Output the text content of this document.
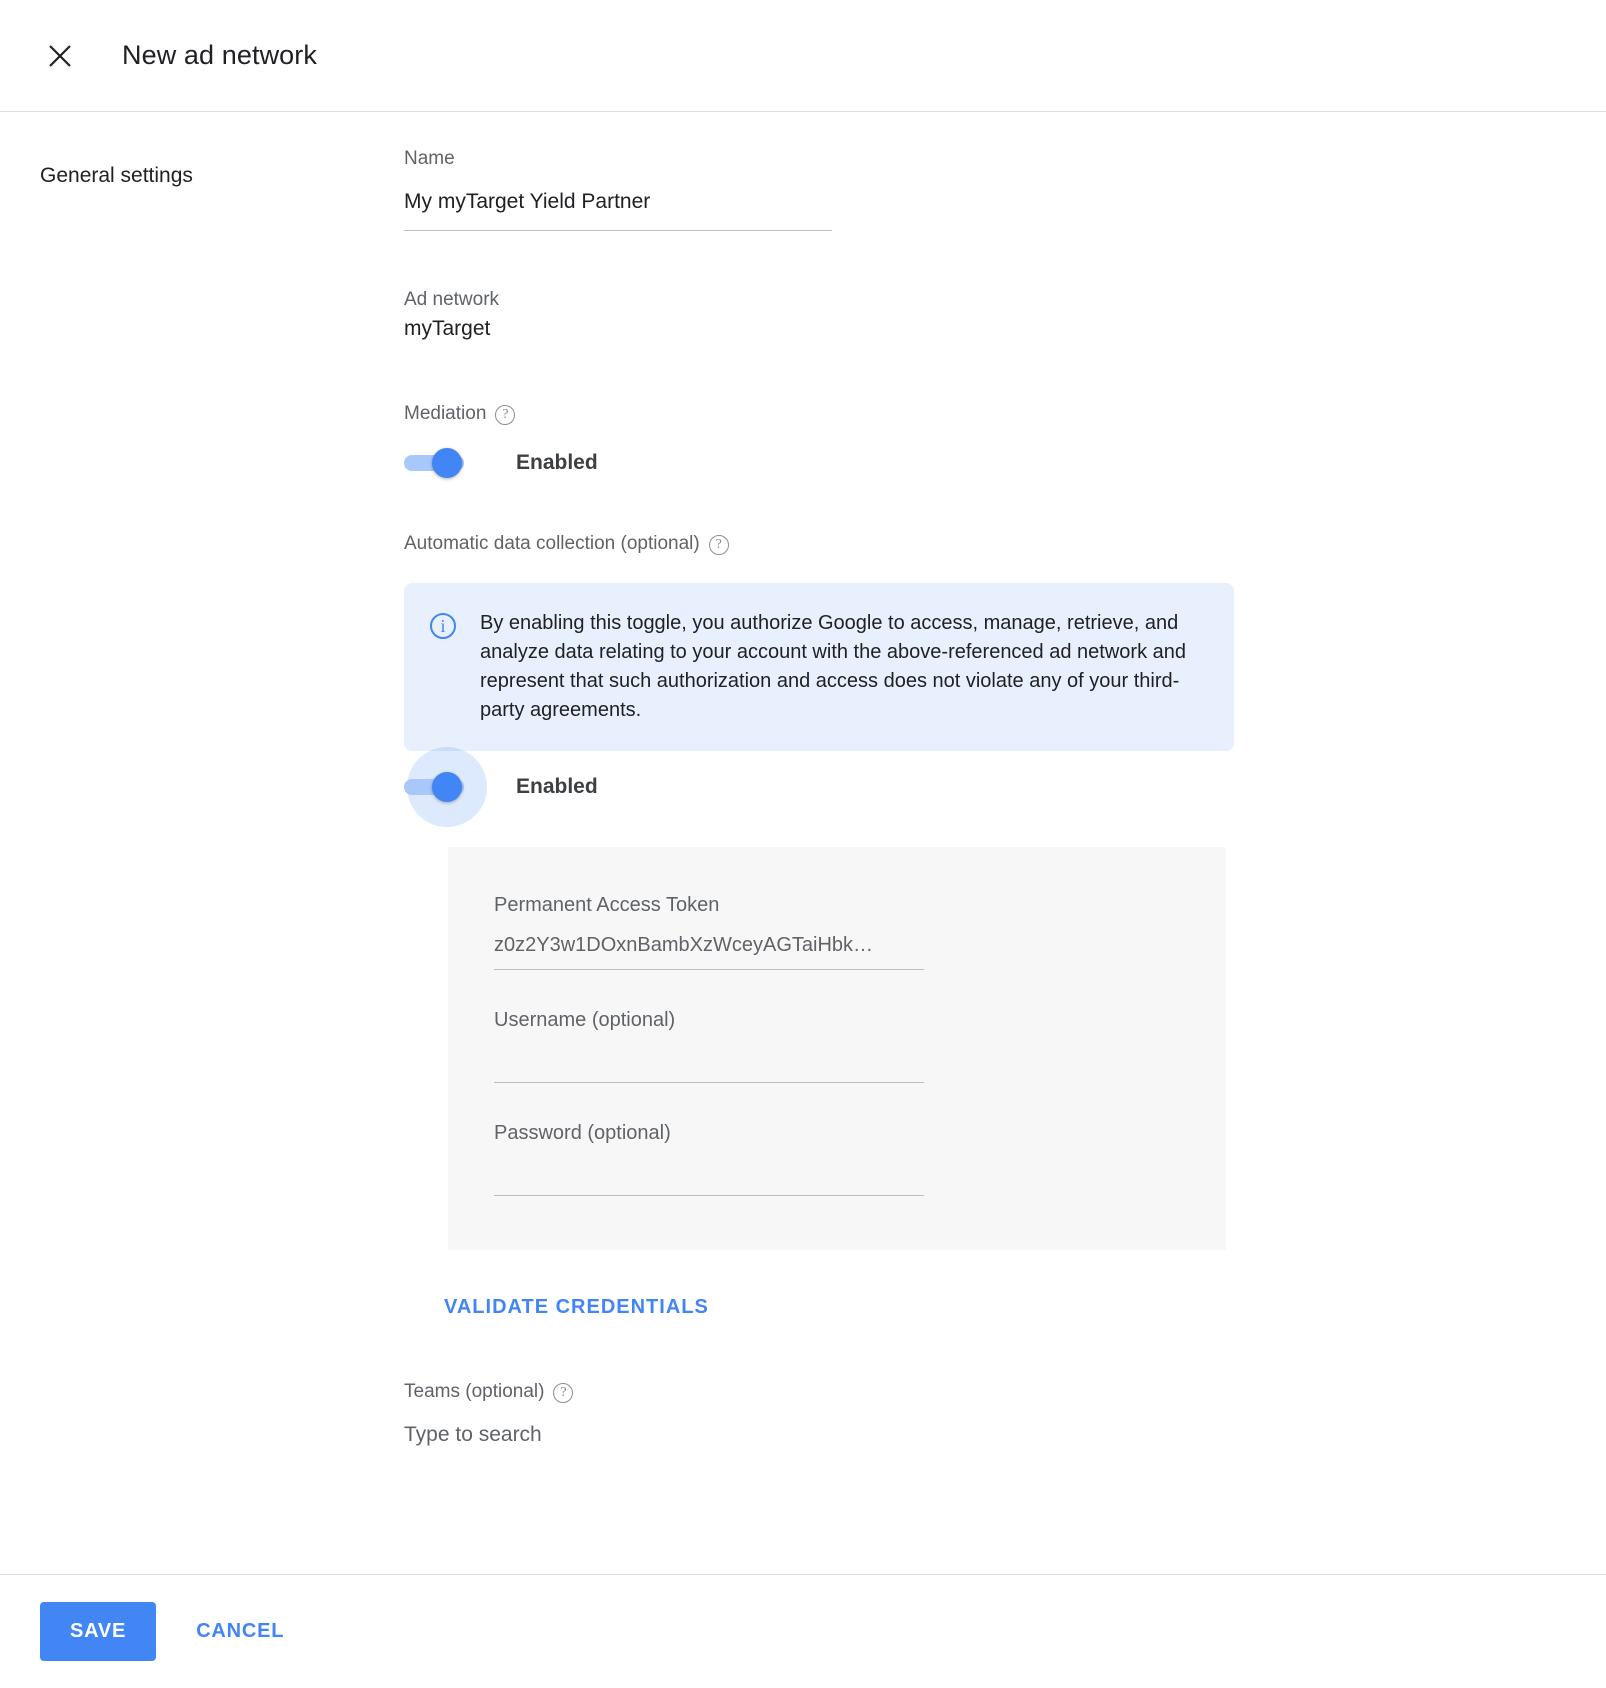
New ad network
General settings
Name
My myTarget Yield Partner
Ad network
myTarget
Mediation	?
Enabled
Automatic data collection (optional)	?
i	By enabling this toggle, you authorize Google to access, manage, retrieve, and analyze data relating to your account with the above-referenced ad network and represent that such authorization and access does not violate any of your third-party agreements.
Enabled
Permanent Access Token
z0z2Y3w1DOxnBambXzWceyAGTaiHbk…
Username (optional)
Password (optional)
VALIDATE CREDENTIALS
Teams (optional)	?
Type to search
SAVE	CANCEL
